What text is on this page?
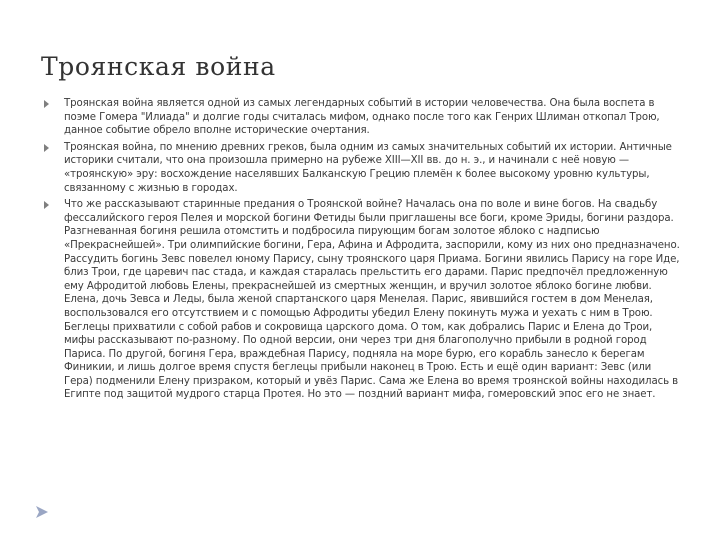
Троянская война
Троянская война является одной из самых легендарных событий в истории человечества. Она была воспета в поэме Гомера "Илиада" и долгие годы считалась мифом, однако после того как Генрих Шлиман откопал Трою, данное событие обрело вполне исторические очертания.
Троянская война, по мнению древних греков, была одним из самых значительных событий их истории. Античные историки считали, что она произошла примерно на рубеже XIII—XII вв. до н. э., и начинали с неё новую — «троянскую» эру: восхождение населявших Балканскую Грецию племён к более высокому уровню культуры, связанному с жизнью в городах.
Что же рассказывают старинные предания о Троянской войне? Началась она по воле и вине богов. На свадьбу фессалийского героя Пелея и морской богини Фетиды были приглашены все боги, кроме Эриды, богини раздора. Разгневанная богиня решила отомстить и подбросила пирующим богам золотое яблоко с надписью «Прекраснейшей». Три олимпийские богини, Гера, Афина и Афродита, заспорили, кому из них оно предназначено. Рассудить богинь Зевс повелел юному Парису, сыну троянского царя Приама. Богини явились Парису на горе Иде, близ Трои, где царевич пас стада, и каждая старалась прельстить его дарами. Парис предпочёл предложенную ему Афродитой любовь Елены, прекраснейшей из смертных женщин, и вручил золотое яблоко богине любви. Елена, дочь Зевса и Леды, была женой спартанского царя Менелая. Парис, явившийся гостем в дом Менелая, воспользовался его отсутствием и с помощью Афродиты убедил Елену покинуть мужа и уехать с ним в Трою. Беглецы прихватили с собой рабов и сокровища царского дома. О том, как добрались Парис и Елена до Трои, мифы рассказывают по-разному. По одной версии, они через три дня благополучно прибыли в родной город Париса. По другой, богиня Гера, враждебная Парису, подняла на море бурю, его корабль занесло к берегам Финикии, и лишь долгое время спустя беглецы прибыли наконец в Трою. Есть и ещё один вариант: Зевс (или Гера) подменили Елену призраком, который и увёз Парис. Сама же Елена во время троянской войны находилась в Египте под защитой мудрого старца Протея. Но это — поздний вариант мифа, гомеровский эпос его не знает.
